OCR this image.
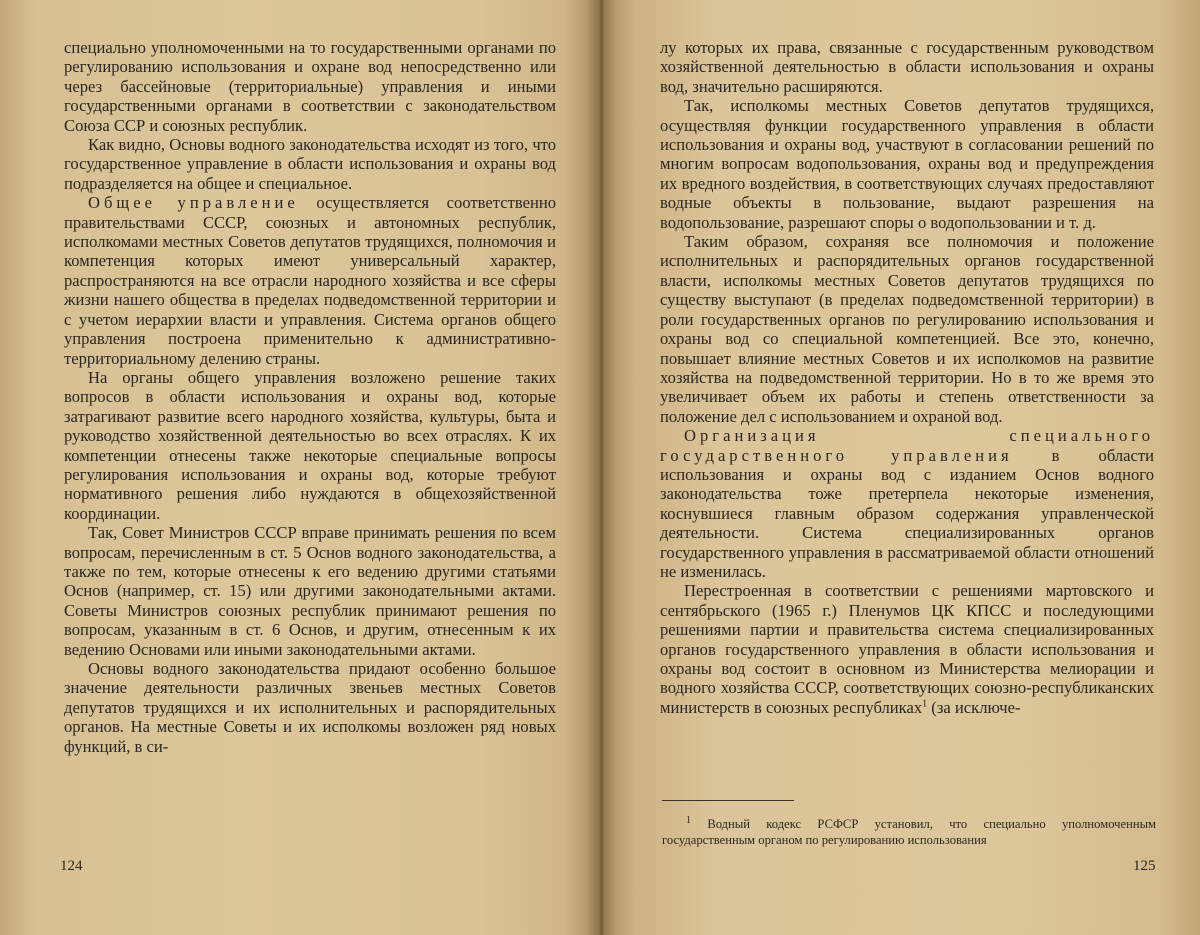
специально уполномоченными на то государственными органами по регулированию использования и охране вод непосредственно или через бассейновые (территориальные) управления и иными государственными органами в соответствии с законодательством Союза ССР и союзных республик.

Как видно, Основы водного законодательства исходят из того, что государственное управление в области использования и охраны вод подразделяется на общее и специальное.

Общее управление осуществляется соответственно правительствами СССР, союзных и автономных республик, исполкомами местных Советов депутатов трудящихся, полномочия и компетенция которых имеют универсальный характер, распространяются на все отрасли народного хозяйства и все сферы жизни нашего общества в пределах подведомственной территории и с учетом иерархии власти и управления. Система органов общего управления построена применительно к административно-территориальному делению страны.

На органы общего управления возложено решение таких вопросов в области использования и охраны вод, которые затрагивают развитие всего народного хозяйства, культуры, быта и руководство хозяйственной деятельностью во всех отраслях. К их компетенции отнесены также некоторые специальные вопросы регулирования использования и охраны вод, которые требуют нормативного решения либо нуждаются в общехозяйственной координации.

Так, Совет Министров СССР вправе принимать решения по всем вопросам, перечисленным в ст. 5 Основ водного законодательства, а также по тем, которые отнесены к его ведению другими статьями Основ (например, ст. 15) или другими законодательными актами. Советы Министров союзных республик принимают решения по вопросам, указанным в ст. 6 Основ, и другим, отнесенным к их ведению Основами или иными законодательными актами.

Основы водного законодательства придают особенно большое значение деятельности различных звеньев местных Советов депутатов трудящихся и их исполнительных и распорядительных органов. На местные Советы и их исполкомы возложен ряд новых функций, в си-

124

лу которых их права, связанные с государственным руководством хозяйственной деятельностью в области использования и охраны вод, значительно расширяются.

Так, исполкомы местных Советов депутатов трудящихся, осуществляя функции государственного управления в области использования и охраны вод, участвуют в согласовании решений по многим вопросам водопользования, охраны вод и предупреждения их вредного воздействия, в соответствующих случаях предоставляют водные объекты в пользование, выдают разрешения на водопользование, разрешают споры о водопользовании и т. д.

Таким образом, сохраняя все полномочия и положение исполнительных и распорядительных органов государственной власти, исполкомы местных Советов депутатов трудящихся по существу выступают (в пределах подведомственной территории) в роли государственных органов по регулированию использования и охраны вод со специальной компетенцией. Все это, конечно, повышает влияние местных Советов и их исполкомов на развитие хозяйства на подведомственной территории. Но в то же время это увеличивает объем их работы и степень ответственности за положение дел с использованием и охраной вод.

Организация специального государственного управления в области использования и охраны вод с изданием Основ водного законодательства тоже претерпела некоторые изменения, коснувшиеся главным образом содержания управленческой деятельности. Система специализированных органов государственного управления в рассматриваемой области отношений не изменилась.

Перестроенная в соответствии с решениями мартовского и сентябрьского (1965 г.) Пленумов ЦК КПСС и последующими решениями партии и правительства система специализированных органов государственного управления в области использования и охраны вод состоит в основном из Министерства мелиорации и водного хозяйства СССР, соответствующих союзно-республиканских министерств в союзных республиках$^1$ (за исключе-

$^1$ Водный кодекс РСФСР установил, что специально уполномоченным государственным органом по регулированию использования
125
